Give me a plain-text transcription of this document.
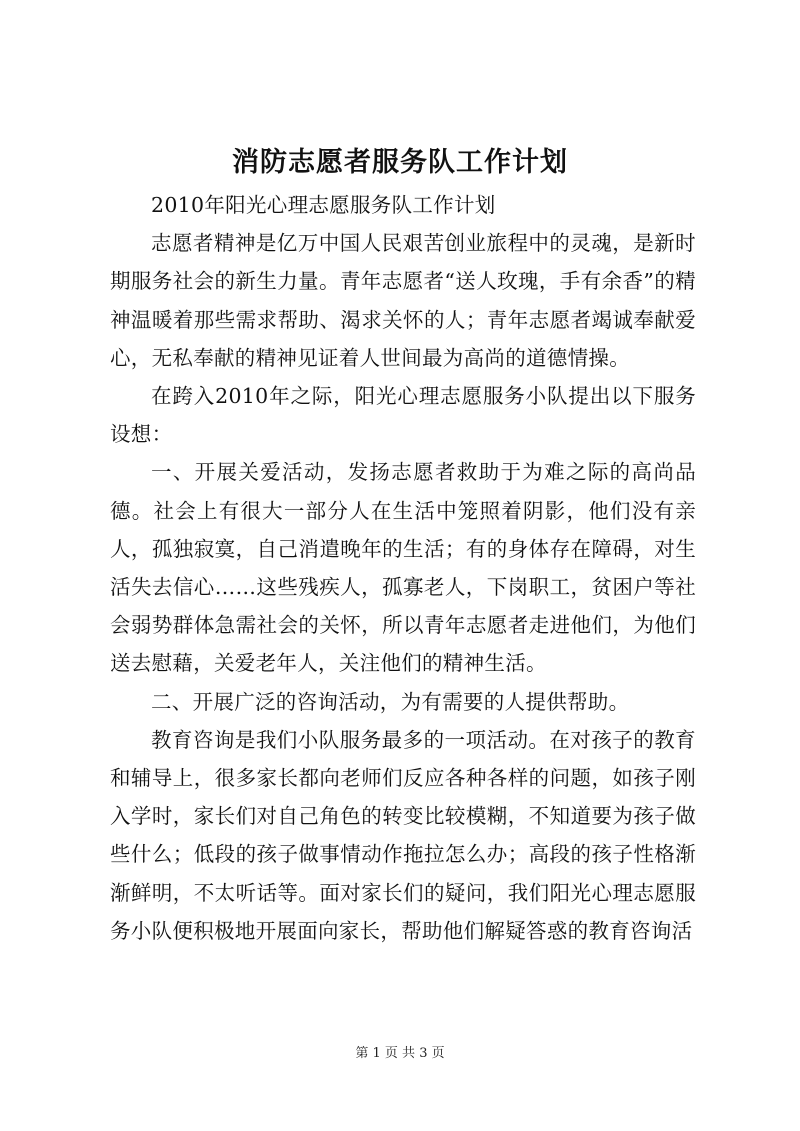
消防志愿者服务队工作计划

2010年阳光心理志愿服务队工作计划

志愿者精神是亿万中国人民艰苦创业旅程中的灵魂，是新时期服务社会的新生力量。青年志愿者“送人玫瑰，手有余香”的精神温暖着那些需求帮助、渴求关怀的人；青年志愿者竭诚奉献爱心，无私奉献的精神见证着人世间最为高尚的道德情操。

在跨入2010年之际，阳光心理志愿服务小队提出以下服务设想：

一、开展关爱活动，发扬志愿者救助于为难之际的高尚品德。社会上有很大一部分人在生活中笼照着阴影，他们没有亲人，孤独寂寞，自己消遣晚年的生活；有的身体存在障碍，对生活失去信心……这些残疾人，孤寡老人，下岗职工，贫困户等社会弱势群体急需社会的关怀，所以青年志愿者走进他们，为他们送去慰藉，关爱老年人，关注他们的精神生活。

二、开展广泛的咨询活动，为有需要的人提供帮助。

教育咨询是我们小队服务最多的一项活动。在对孩子的教育和辅导上，很多家长都向老师们反应各种各样的问题，如孩子刚入学时，家长们对自己角色的转变比较模糊，不知道要为孩子做些什么；低段的孩子做事情动作拖拉怎么办；高段的孩子性格渐渐鲜明，不太听话等。面对家长们的疑问，我们阳光心理志愿服务小队便积极地开展面向家长，帮助他们解疑答惑的教育咨询活

第 1 页 共 3 页
